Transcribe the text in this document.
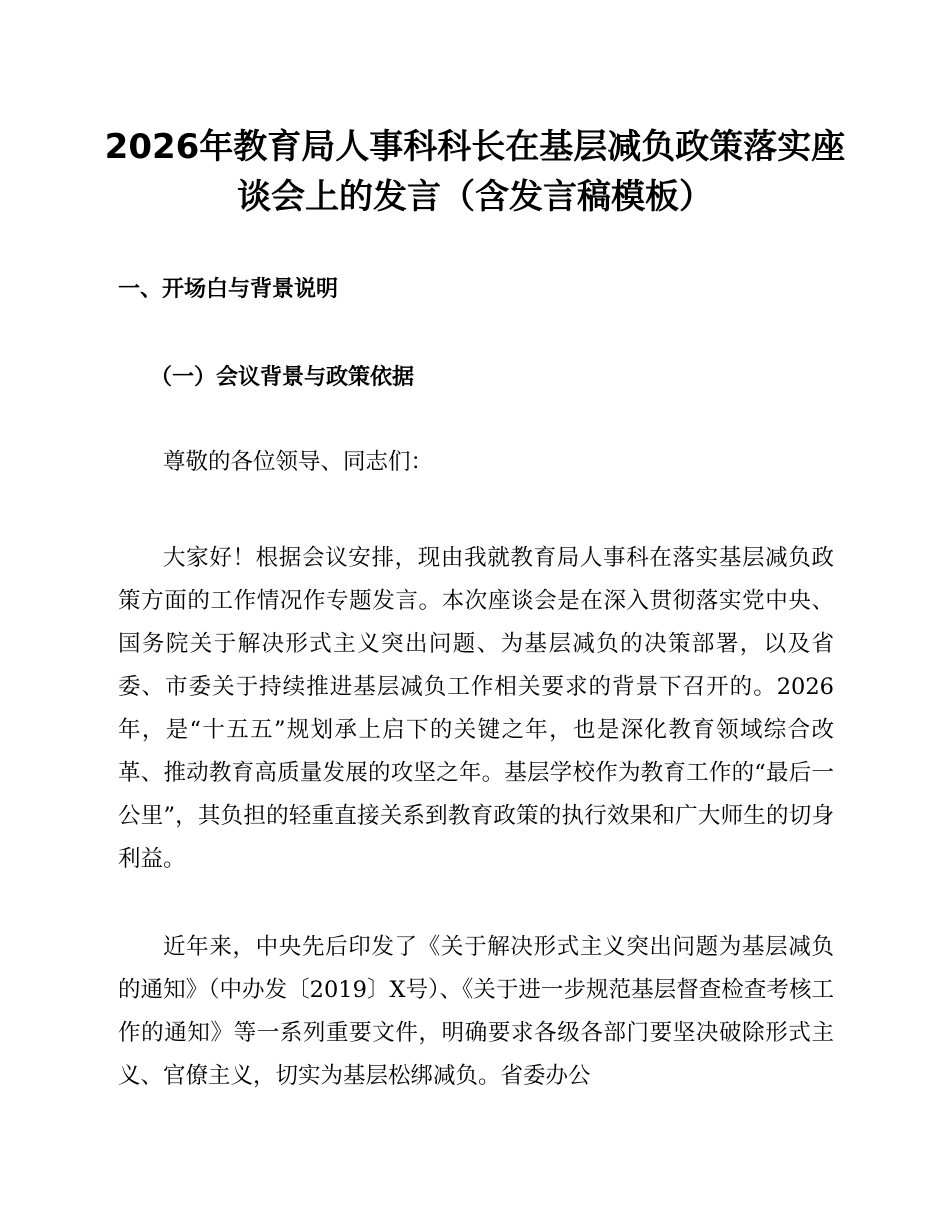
2026年教育局人事科科长在基层减负政策落实座谈会上的发言（含发言稿模板）
一、开场白与背景说明
（一）会议背景与政策依据

尊敬的各位领导、同志们：

大家好！根据会议安排，现由我就教育局人事科在落实基层减负政策方面的工作情况作专题发言。本次座谈会是在深入贯彻落实党中央、国务院关于解决形式主义突出问题、为基层减负的决策部署，以及省委、市委关于持续推进基层减负工作相关要求的背景下召开的。2026年，是“十五五”规划承上启下的关键之年，也是深化教育领域综合改革、推动教育高质量发展的攻坚之年。基层学校作为教育工作的“最后一公里”，其负担的轻重直接关系到教育政策的执行效果和广大师生的切身利益。

近年来，中央先后印发了《关于解决形式主义突出问题为基层减负的通知》（中办发〔2019〕X号）、《关于进一步规范基层督查检查考核工作的通知》等一系列重要文件，明确要求各级各部门要坚决破除形式主义、官僚主义，切实为基层松绑减负。省委办公
